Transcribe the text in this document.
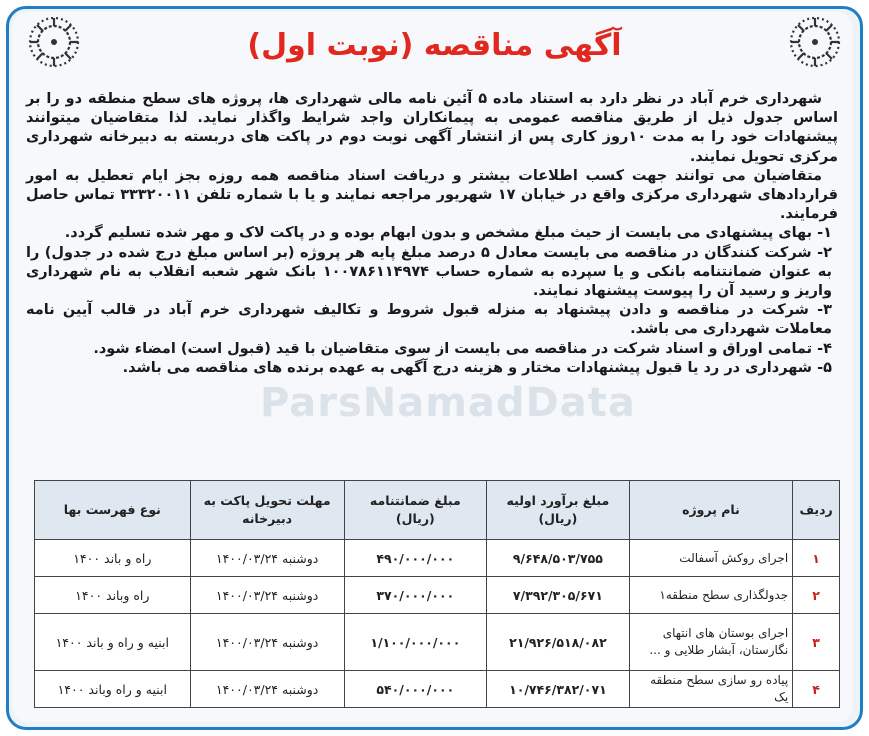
آگهی مناقصه (نوبت اول)
ParsNamadData

شهرداری خرم آباد در نظر دارد به استناد ماده ۵ آئین نامه مالی شهرداری ها، پروژه های سطح منطقه دو را بر اساس جدول ذیل از طریق مناقصه عمومی به پیمانکاران واجد شرایط واگذار نماید. لذا متقاضیان میتوانند پیشنهادات خود را به مدت ۱۰روز کاری پس از انتشار آگهی نوبت دوم در پاکت های دربسته به دبیرخانه شهرداری مرکزی تحویل نمایند.

متقاضیان می توانند جهت کسب اطلاعات بیشتر و دریافت اسناد مناقصه همه روزه بجز ایام تعطیل به امور قراردادهای شهرداری مرکزی واقع در خیابان ۱۷ شهریور مراجعه نمایند و یا با شماره تلفن ۳۳۳۲۰۰۱۱ تماس حاصل فرمایند.

۱- بهای پیشنهادی می بایست از حیث مبلغ مشخص و بدون ابهام بوده و در پاکت لاک و مهر شده تسلیم گردد.

۲- شرکت کنندگان در مناقصه می بایست معادل ۵ درصد مبلغ پایه هر پروژه (بر اساس مبلغ درج شده در جدول) را به عنوان ضمانتنامه بانکی و یا سپرده به شماره حساب ۱۰۰۷۸۶۱۱۴۹۷۴ بانک شهر شعبه انقلاب به نام شهرداری واریز و رسید آن را پیوست پیشنهاد نمایند.

۳- شرکت در مناقصه و دادن پیشنهاد به منزله قبول شروط و تکالیف شهرداری خرم آباد در قالب آیین نامه معاملات شهرداری می باشد.

۴- تمامی اوراق و اسناد شرکت در مناقصه می بایست از سوی متقاضیان با قید (قبول است) امضاء شود.

۵- شهرداری در رد یا قبول پیشنهادات مختار و هزینه درج آگهی به عهده برنده های مناقصه می باشد.

ردیف	نام پروژه	مبلغ برآورد اولیه (ریال)	مبلغ ضمانتنامه (ریال)	مهلت تحویل پاکت به دبیرخانه	نوع فهرست بها
۱	اجرای روکش آسفالت	۹/۶۴۸/۵۰۳/۷۵۵	۴۹۰/۰۰۰/۰۰۰	دوشنبه ۱۴۰۰/۰۳/۲۴	راه و باند ۱۴۰۰
۲	جدولگذاری سطح منطقه۱	۷/۳۹۲/۳۰۵/۶۷۱	۳۷۰/۰۰۰/۰۰۰	دوشنبه ۱۴۰۰/۰۳/۲۴	راه وباند ۱۴۰۰
۳	اجرای بوستان های انتهای نگارستان، آبشار طلایی و ...	۲۱/۹۲۶/۵۱۸/۰۸۲	۱/۱۰۰/۰۰۰/۰۰۰	دوشنبه ۱۴۰۰/۰۳/۲۴	ابنیه و راه و باند ۱۴۰۰
۴	پیاده رو سازی سطح منطقه یک	۱۰/۷۴۶/۳۸۲/۰۷۱	۵۴۰/۰۰۰/۰۰۰	دوشنبه ۱۴۰۰/۰۳/۲۴	ابنیه و راه وباند ۱۴۰۰
